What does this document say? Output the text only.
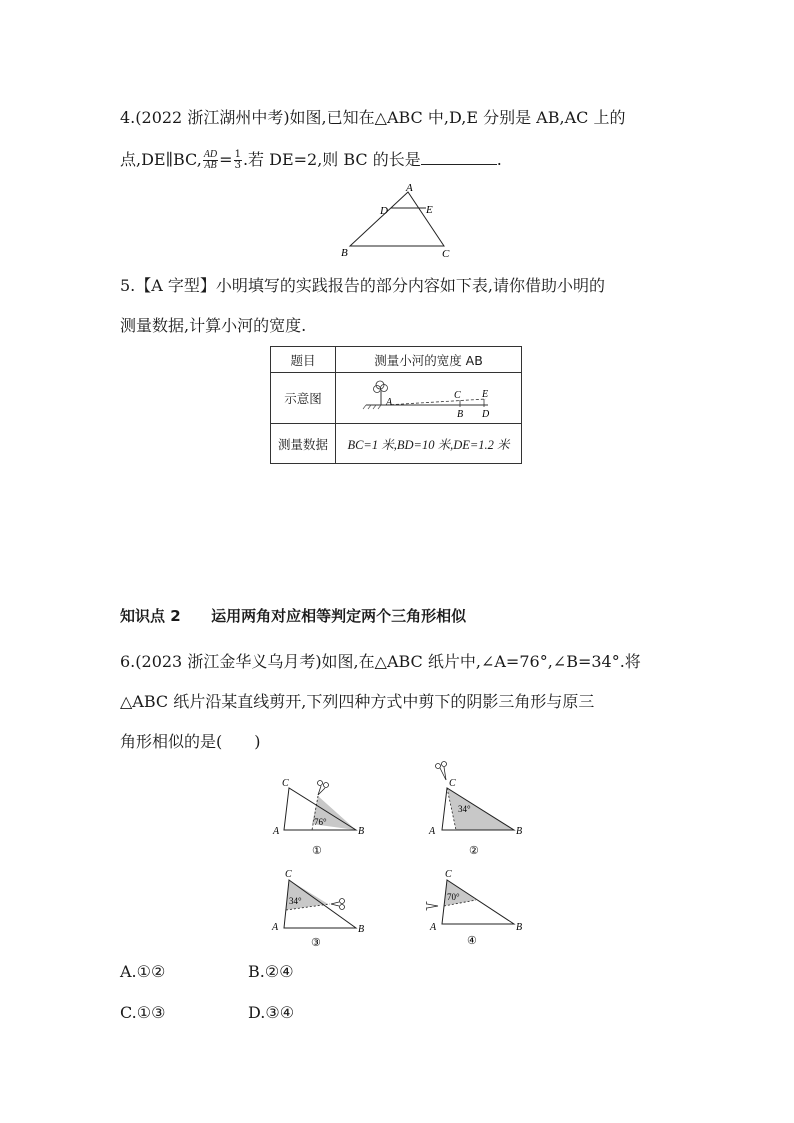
4.(2022 浙江湖州中考)如图,已知在△ABC 中,D,E 分别是 AB,AC 上的
点,DE∥BC, $\frac{AD}{AB} = \frac{1}{3}$ .若 DE=2,则 BC 的长是	.
A
B	C
D	E
5.【A 字型】小明填写的实践报告的部分内容如下表,请你借助小明的
测量数据,计算小河的宽度.
题目	测量小河的宽度 AB
示意图	A
C
B
E
D

测量数据	BC=1 米,BD=10 米,DE=1.2 米
知识点 2 运用两角对应相等判定两个三角形相似
6.(2023 浙江金华义乌月考)如图,在△ABC 纸片中,∠A=76°,∠B=34°.将
△ABC 纸片沿某直线剪开,下列四种方式中剪下的阴影三角形与原三
角形相似的是(　　)
C
A	B
76°
①
C
A	B
34°
②
C
A	B
34°
③
C
A	B
70°
④
A.①②	B.②④
C.①③	D.③④
